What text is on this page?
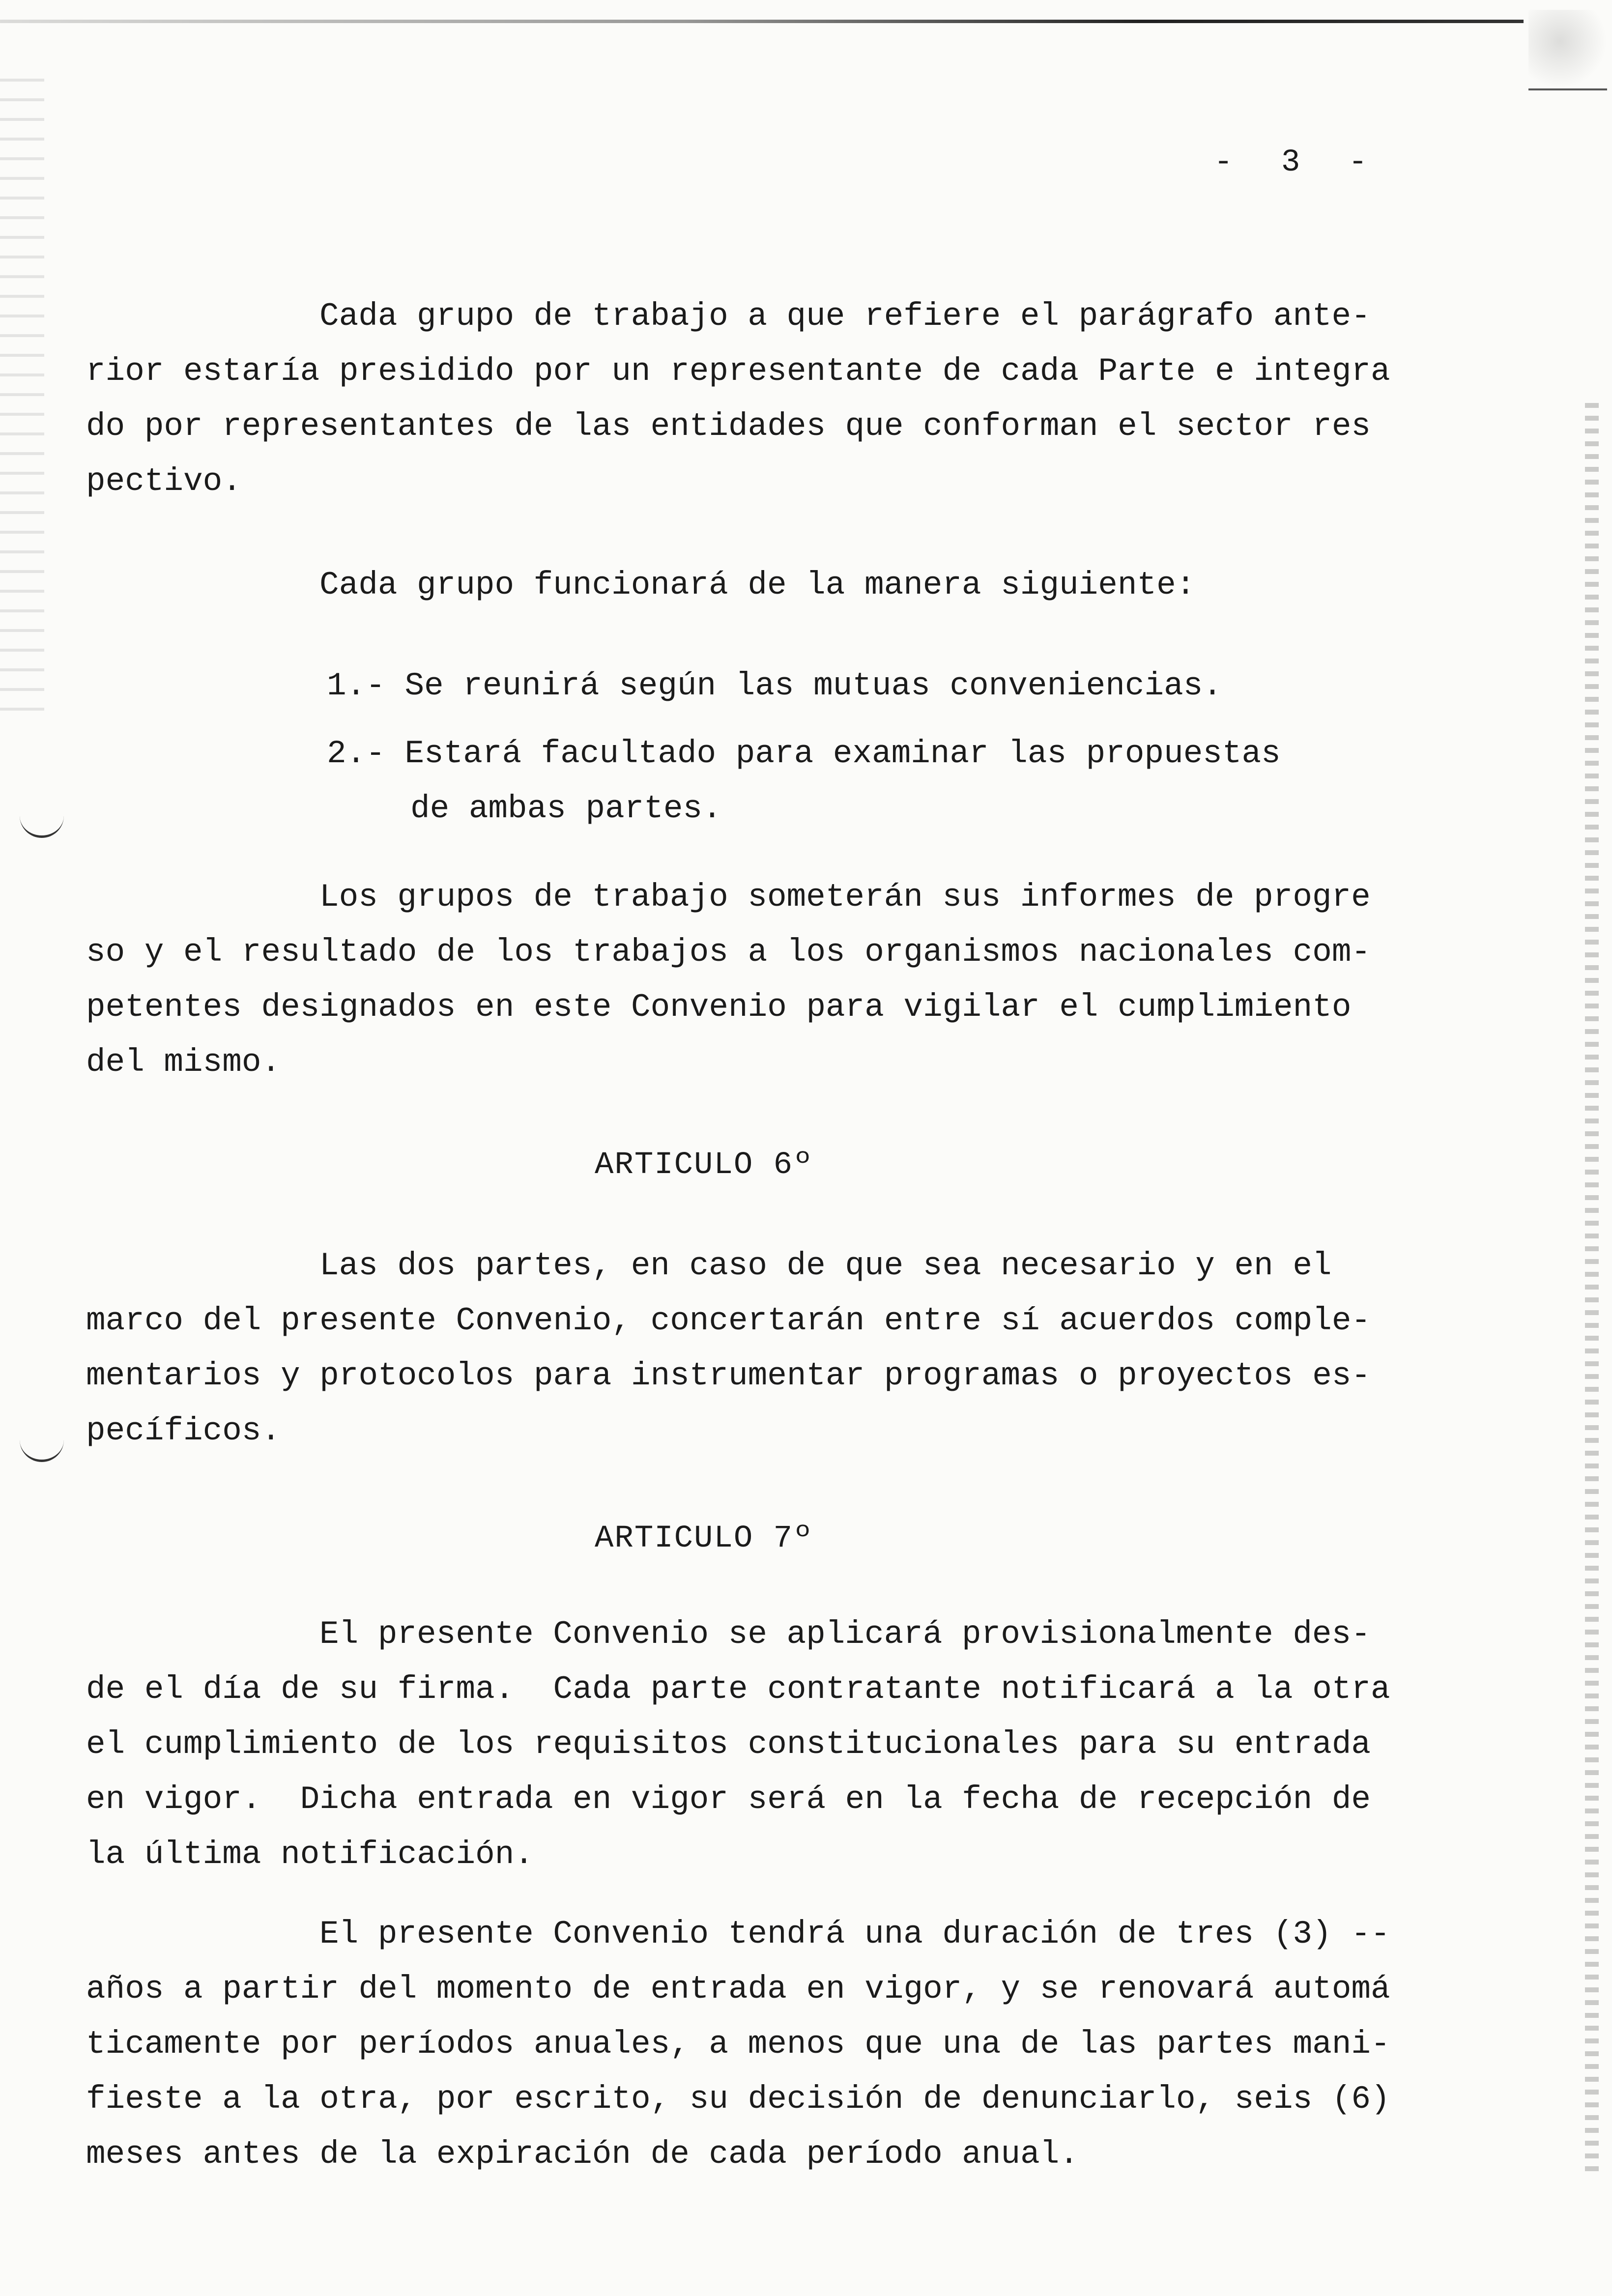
- 3 -

Cada grupo de trabajo a que refiere el parágrafo ante-
rior estaría presidido por un representante de cada Parte e integra
do por representantes de las entidades que conforman el sector res
pectivo.

Cada grupo funcionará de la manera siguiente:

1.- Se reunirá según las mutuas conveniencias.

2.- Estará facultado para examinar las propuestas
de ambas partes.

Los grupos de trabajo someterán sus informes de progre
so y el resultado de los trabajos a los organismos nacionales com-
petentes designados en este Convenio para vigilar el cumplimiento
del mismo.

ARTICULO 6º

Las dos partes, en caso de que sea necesario y en el
marco del presente Convenio, concertarán entre sí acuerdos comple-
mentarios y protocolos para instrumentar programas o proyectos es-
pecíficos.

ARTICULO 7º

El presente Convenio se aplicará provisionalmente des-
de el día de su firma.  Cada parte contratante notificará a la otra
el cumplimiento de los requisitos constitucionales para su entrada
en vigor.  Dicha entrada en vigor será en la fecha de recepción de
la última notificación.

El presente Convenio tendrá una duración de tres (3) --
años a partir del momento de entrada en vigor, y se renovará automá
ticamente por períodos anuales, a menos que una de las partes mani-
fieste a la otra, por escrito, su decisión de denunciarlo, seis (6)
meses antes de la expiración de cada período anual.
